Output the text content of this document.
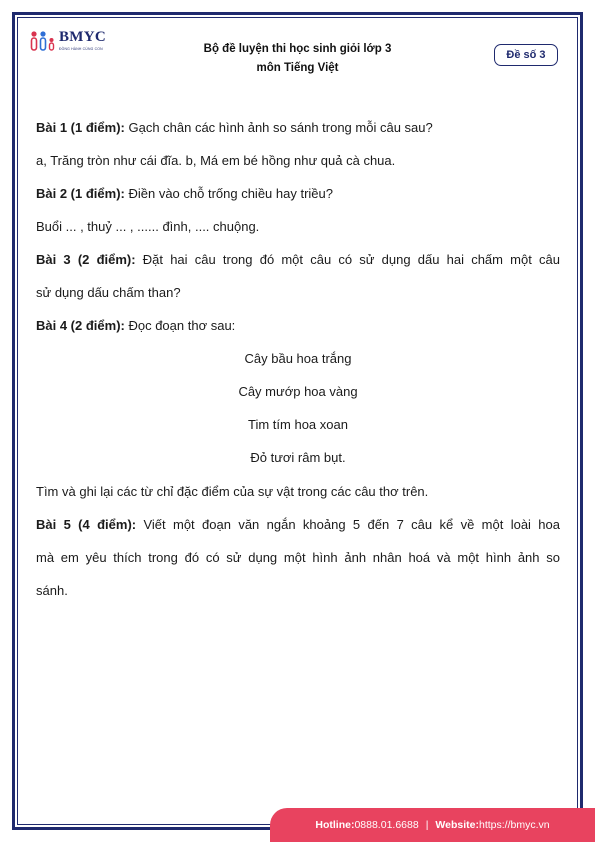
BMYC
ĐỒNG HÀNH CÙNG CON	Bộ đề luyện thi học sinh giỏi lớp 3
môn Tiếng Việt
Đề số 3
Bài 1 (1 điểm): Gạch chân các hình ảnh so sánh trong mỗi câu sau?
a, Trăng tròn như cái đĩa. b, Má em bé hồng như quả cà chua.
Bài 2 (1 điểm): Điền vào chỗ trống chiều hay triều?
Buổi ... , thuỷ ... , ...... đình, .... chuộng.
Bài 3 (2 điểm): Đặt hai câu trong đó một câu có sử dụng dấu hai chấm một câu
sử dụng dấu chấm than?
Bài 4 (2 điểm): Đọc đoạn thơ sau:
Cây bầu hoa trắng
Cây mướp hoa vàng
Tim tím hoa xoan
Đỏ tươi râm bụt.
Tìm và ghi lại các từ chỉ đặc điểm của sự vật trong các câu thơ trên.
Bài 5 (4 điểm): Viết một đoạn văn ngắn khoảng 5 đến 7 câu kể về một loài hoa
mà em yêu thích trong đó có sử dụng một hình ảnh nhân hoá và một hình ảnh so
sánh.
Hotline: 0888.01.6688 | Website: https://bmyc.vn
